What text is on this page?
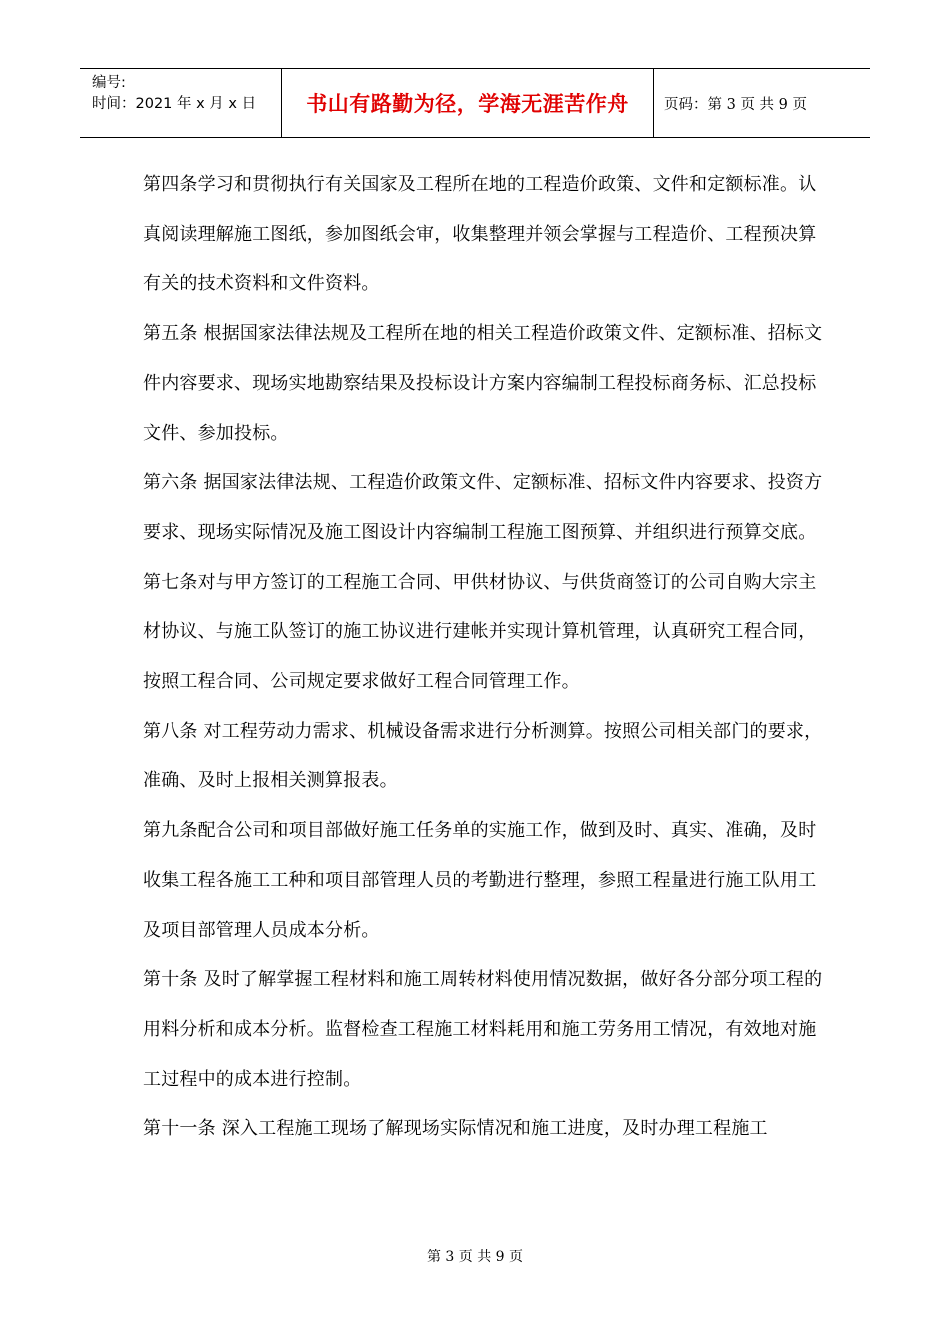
编号:
时间：2021 年 x 月 x 日	书山有路勤为径，学海无涯苦作舟 页码：第 3 页 共 9 页

第四条学习和贯彻执行有关国家及工程所在地的工程造价政策、文件和定额标准。认真阅读理解施工图纸，参加图纸会审，收集整理并领会掌握与工程造价、工程预决算有关的技术资料和文件资料。

第五条 根据国家法律法规及工程所在地的相关工程造价政策文件、定额标准、招标文件内容要求、现场实地勘察结果及投标设计方案内容编制工程投标商务标、汇总投标文件、参加投标。

第六条 据国家法律法规、工程造价政策文件、定额标准、招标文件内容要求、投资方要求、现场实际情况及施工图设计内容编制工程施工图预算、并组织进行预算交底。

第七条对与甲方签订的工程施工合同、甲供材协议、与供货商签订的公司自购大宗主材协议、与施工队签订的施工协议进行建帐并实现计算机管理，认真研究工程合同，按照工程合同、公司规定要求做好工程合同管理工作。

第八条 对工程劳动力需求、机械设备需求进行分析测算。按照公司相关部门的要求，准确、及时上报相关测算报表。

第九条配合公司和项目部做好施工任务单的实施工作，做到及时、真实、准确，及时收集工程各施工工种和项目部管理人员的考勤进行整理，参照工程量进行施工队用工及项目部管理人员成本分析。

第十条 及时了解掌握工程材料和施工周转材料使用情况数据，做好各分部分项工程的用料分析和成本分析。监督检查工程施工材料耗用和施工劳务用工情况，有效地对施工过程中的成本进行控制。

第十一条 深入工程施工现场了解现场实际情况和施工进度，及时办理工程施工

第 3 页 共 9 页
